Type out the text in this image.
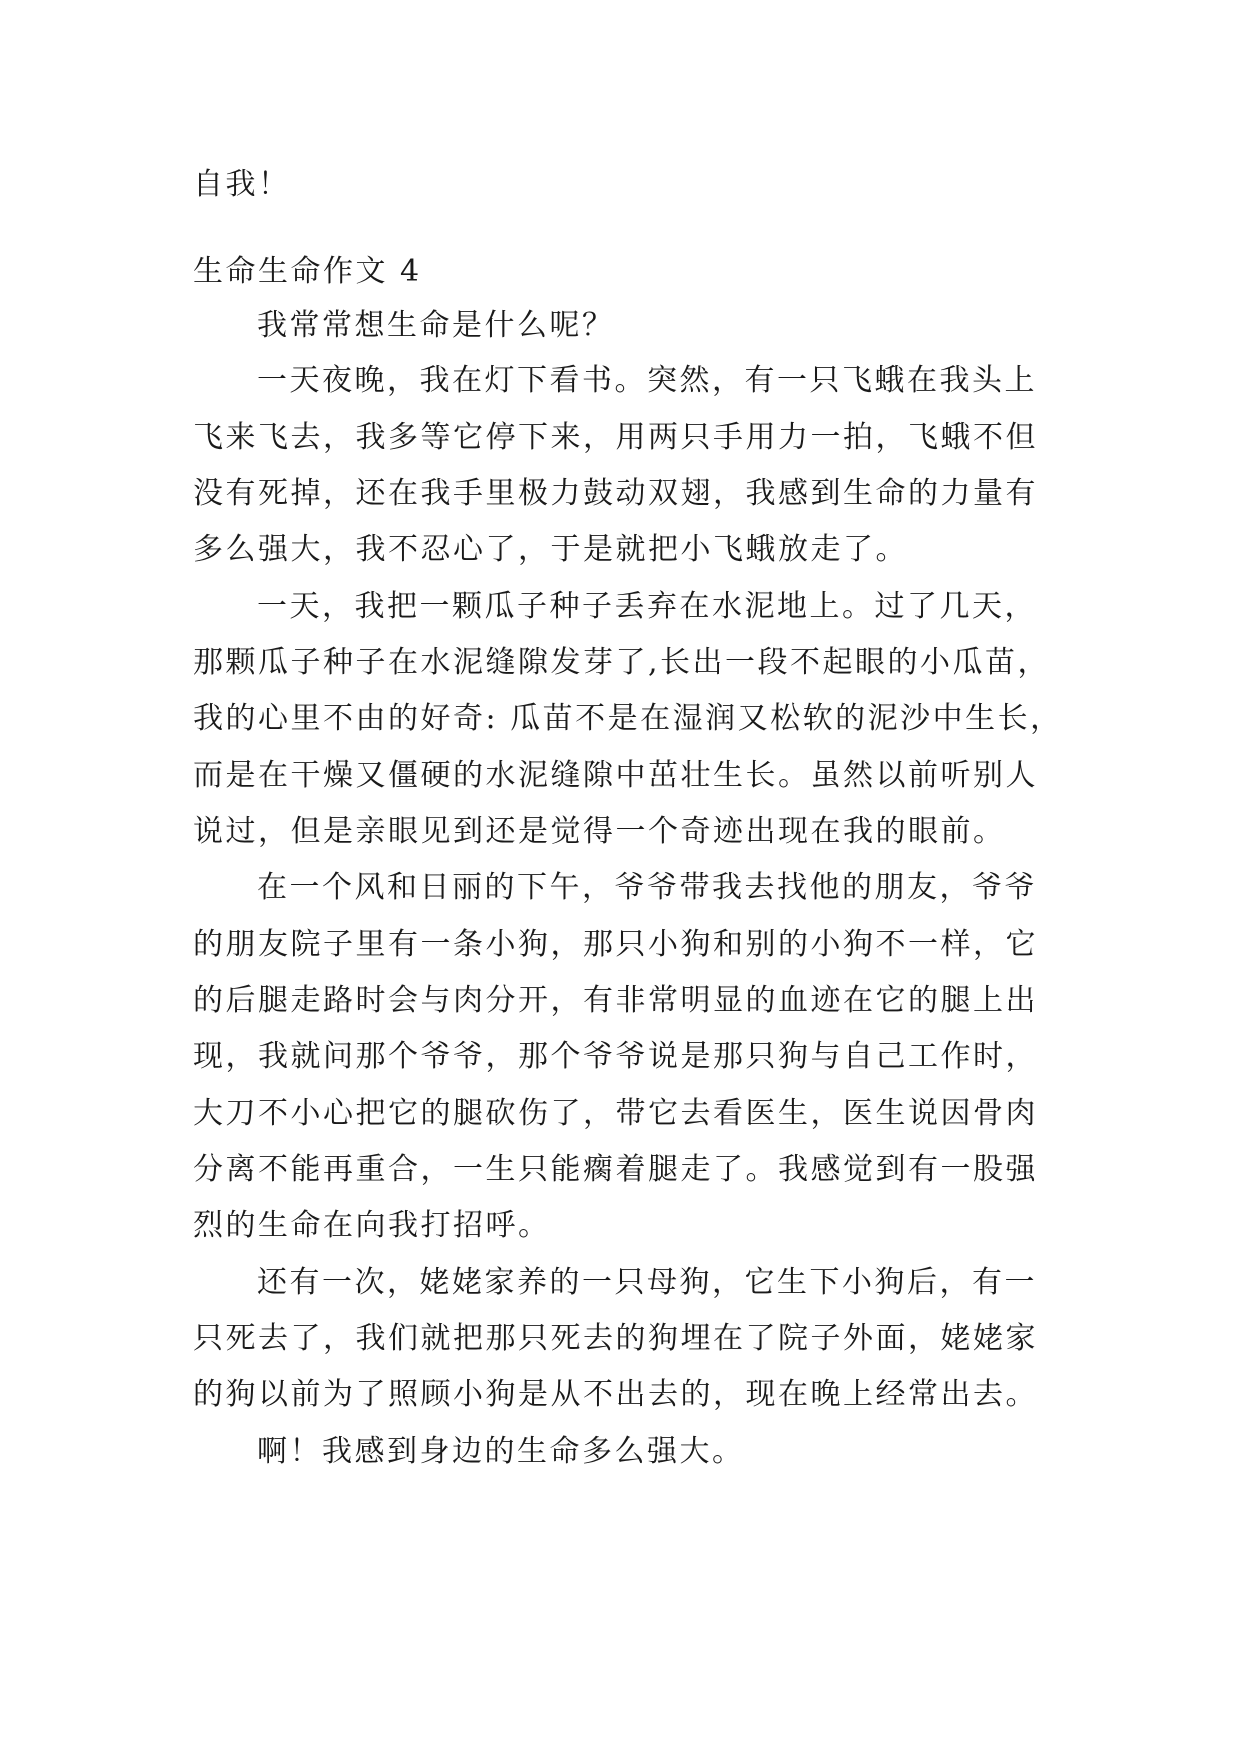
自我！
生命生命作文 4
我常常想生命是什么呢？
一天夜晚，我在灯下看书。突然，有一只飞蛾在我头上
飞来飞去，我多等它停下来，用两只手用力一拍，飞蛾不但
没有死掉，还在我手里极力鼓动双翅，我感到生命的力量有
多么强大，我不忍心了，于是就把小飞蛾放走了。
一天，我把一颗瓜子种子丢弃在水泥地上。过了几天，
那颗瓜子种子在水泥缝隙发芽了,长出一段不起眼的小瓜苗，
我的心里不由的好奇: 瓜苗不是在湿润又松软的泥沙中生长，
而是在干燥又僵硬的水泥缝隙中茁壮生长。虽然以前听别人
说过，但是亲眼见到还是觉得一个奇迹出现在我的眼前。
在一个风和日丽的下午，爷爷带我去找他的朋友，爷爷
的朋友院子里有一条小狗，那只小狗和别的小狗不一样，它
的后腿走路时会与肉分开，有非常明显的血迹在它的腿上出
现，我就问那个爷爷，那个爷爷说是那只狗与自己工作时，
大刀不小心把它的腿砍伤了，带它去看医生，医生说因骨肉
分离不能再重合，一生只能瘸着腿走了。我感觉到有一股强
烈的生命在向我打招呼。
还有一次，姥姥家养的一只母狗，它生下小狗后，有一
只死去了，我们就把那只死去的狗埋在了院子外面，姥姥家
的狗以前为了照顾小狗是从不出去的，现在晚上经常出去。
啊！我感到身边的生命多么强大。
